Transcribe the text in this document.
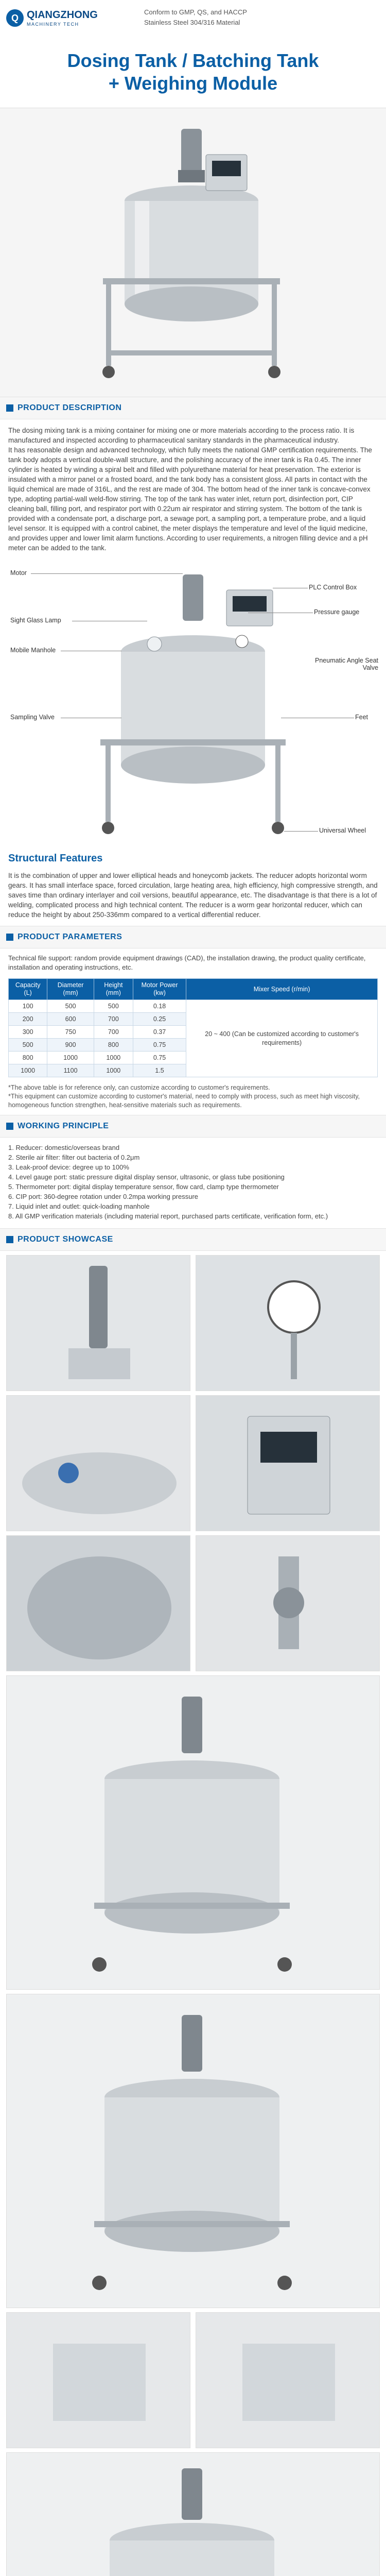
Q QIANGZHONG
MACHINERY TECH
Conform to GMP, QS, and HACCP
Stainless Steel 304/316 Material
Dosing Tank / Batching Tank
+ Weighing Module
PRODUCT DESCRIPTION

The dosing mixing tank is a mixing container for mixing one or more materials according to the process ratio. It is manufactured and inspected according to pharmaceutical sanitary standards in the pharmaceutical industry.

It has reasonable design and advanced technology, which fully meets the national GMP certification requirements. The tank body adopts a vertical double-wall structure, and the polishing accuracy of the inner tank is Ra 0.45. The inner cylinder is heated by winding a spiral belt and filled with polyurethane material for heat preservation. The exterior is insulated with a mirror panel or a frosted board, and the tank body has a consistent gloss. All parts in contact with the liquid chemical are made of 316L, and the rest are made of 304. The bottom head of the inner tank is concave-convex type, adopting partial-wall weld-flow stirring. The top of the tank has water inlet, return port, disinfection port, CIP cleaning ball, filling port, and respirator port with 0.22um air respirator and stirring system. The bottom of the tank is provided with a condensate port, a discharge port, a sewage port, a sampling port, a temperature probe, and a liquid level sensor. It is equipped with a control cabinet, the meter displays the temperature and level of the liquid medicine, and provides upper and lower limit alarm functions. According to user requirements, a nitrogen filling device and a pH meter can be added to the tank.

Motor
PLC Control Box
Pressure gauge
Sight Glass Lamp
Mobile Manhole
Pneumatic Angle Seat Valve
Sampling Valve	Feet
Universal Wheel
Structural Features
It is the combination of upper and lower elliptical heads and honeycomb jackets. The reducer adopts horizontal worm gears. It has small interface space, forced circulation, large heating area, high efficiency, high compressive strength, and saves time than ordinary interlayer and coil versions, beautiful appearance, etc. The disadvantage is that there is a lot of welding, complicated process and high technical content. The reducer is a worm gear horizontal reducer, which can reduce the height by about 250-336mm compared to a vertical differential reducer.
PRODUCT PARAMETERS
Technical file support: random provide equipment drawings (CAD), the installation drawing, the product quality certificate, installation and operating instructions, etc.
Capacity (L)	Diameter (mm)	Height (mm)	Motor Power (kw)	Mixer Speed (r/min)
100	500	500	0.18	20 ~ 400 (Can be customized according to customer's requirements)
200	600	700	0.25	
300	750	700	0.37	
500	900	800	0.75	
800	1000	1000	0.75	
1000	1100	1000	1.5	
*The above table is for reference only, can customize according to customer's requirements.
*This equipment can customize according to customer's material, need to comply with process, such as meet high viscosity, homogeneous function strengthen, heat-sensitive materials such as requirements.
WORKING PRINCIPLE
1. Reducer: domestic/overseas brand
2. Sterile air filter: filter out bacteria of 0.2μm
3. Leak-proof device: degree up to 100%
4. Level gauge port: static pressure digital display sensor, ultrasonic, or glass tube positioning
5. Thermometer port: digital display temperature sensor, flow card, clamp type thermometer
6. CIP port: 360-degree rotation under 0.2mpa working pressure
7. Liquid inlet and outlet: quick-loading manhole
8. All GMP verification materials (including material report, purchased parts certificate, verification form, etc.)
PRODUCT SHOWCASE
